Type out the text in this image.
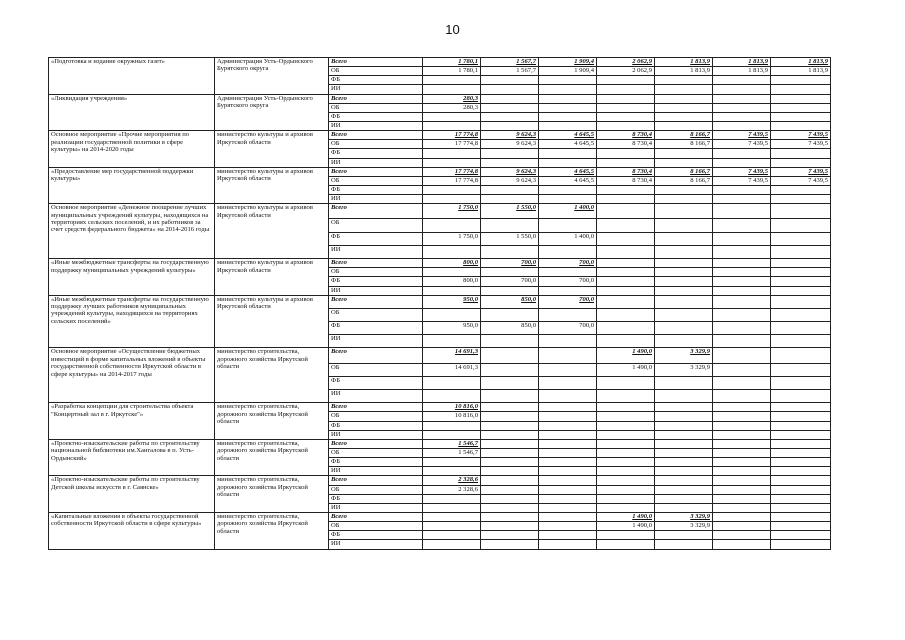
10
«Подготовка и издание окружных газет»	Администрация Усть-Ордынского Бурятского округа	Всего	1 780,1	1 567,7	1 909,4	2 062,9	1 813,9	1 813,9	1 813,9
		ОБ	1 780,1	1 567,7	1 909,4	2 062,9	1 813,9	1 813,9	1 813,9
		ФБ							
		ИИ							
«Ликвидация учреждения»	Администрация Усть-Ордынского Бурятского округа	Всего	280,3						
		ОБ	280,3						
		ФБ							
		ИИ							
Основное мероприятие «Прочие мероприятия по реализации государственной политики в сфере культуры» на 2014-2020 годы	министерство культуры и архивов Иркутской области	Всего	17 774,8	9 624,3	4 645,5	8 730,4	8 166,7	7 439,5	7 439,5
		ОБ	17 774,8	9 624,3	4 645,5	8 730,4	8 166,7	7 439,5	7 439,5
		ФБ							
		ИИ							
«Предоставление мер государственной поддержки культуры»	министерство культуры и архивов Иркутской области	Всего	17 774,8	9 624,3	4 645,5	8 730,4	8 166,7	7 439,5	7 439,5
		ОБ	17 774,8	9 624,3	4 645,5	8 730,4	8 166,7	7 439,5	7 439,5
		ФБ							
		ИИ							
Основное мероприятие «Денежное поощрение лучших муниципальных учреждений культуры, находящихся на территориях сельских поселений, и их работников за счет средств федерального бюджета» на 2014-2016 годы	министерство культуры и архивов Иркутской области	Всего	1 750,0	1 550,0	1 400,0				
		ОБ							
		ФБ	1 750,0	1 550,0	1 400,0				
		ИИ							
«Иные межбюджетные трансферты на государственную поддержку муниципальных учреждений культуры»	министерство культуры и архивов Иркутской области	Всего	800,0	700,0	700,0				
		ОБ							
		ФБ	800,0	700,0	700,0				
		ИИ							
«Иные межбюджетные трансферты на государственную поддержку лучших работников муниципальных учреждений культуры, находящихся на территориях сельских поселений»	министерство культуры и архивов Иркутской области	Всего	950,0	850,0	700,0				
		ОБ							
		ФБ	950,0	850,0	700,0				
		ИИ							
Основное мероприятие «Осуществление бюджетных инвестиций в форме капитальных вложений в объекты государственной собственности Иркутской области в сфере культуры» на 2014-2017 годы	министерство строительства, дорожного хозяйства Иркутской области	Всего	14 691,3			1 490,0	3 329,9		
		ОБ	14 691,3			1 490,0	3 329,9		
		ФБ							
		ИИ							
«Разработка концепции для строительства объекта "Концертный зал в г. Иркутске"»	министерство строительства, дорожного хозяйства Иркутской области	Всего	10 816,0						
		ОБ	10 816,0						
		ФБ							
		ИИ							
«Проектно-изыскательские работы по строительству национальной библиотеки им.Хангалова в п. Усть-Ордынский»	министерство строительства, дорожного хозяйства Иркутской области	Всего	1 546,7						
		ОБ	1 546,7						
		ФБ							
		ИИ							
«Проектно-изыскательские работы по строительству Детской школы искусств в г. Саянске»	министерство строительства, дорожного хозяйства Иркутской области	Всего	2 328,6						
		ОБ	2 328,6						
		ФБ							
		ИИ							
«Капитальные вложения в объекты государственной собственности Иркутской области в сфере культуры»	министерство строительства, дорожного хозяйства Иркутской области	Всего				1 490,0	3 329,9		
		ОБ				1 490,0	3 329,9		
		ФБ							
		ИИ							
